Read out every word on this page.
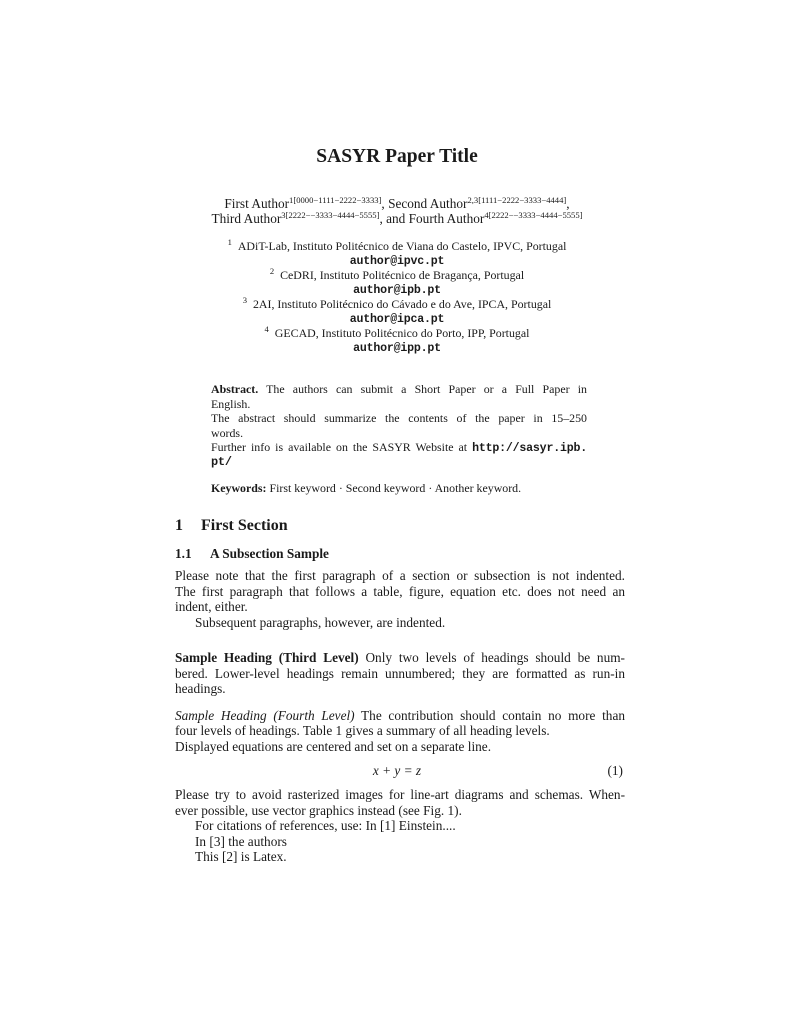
SASYR Paper Title
First Author$^{1[0000-1111-2222-3333]}$, Second Author$^{2,3[1111-2222-3333-4444]}$,
Third Author$^{3[2222--3333-4444-5555]}$, and Fourth Author$^{4[2222--3333-4444-5555]}$
$^1$ ADiT-Lab, Instituto Politécnico de Viana do Castelo, IPVC, Portugal
author@ipvc.pt
$^2$ CeDRI, Instituto Politécnico de Bragança, Portugal
author@ipb.pt
$^3$ 2AI, Instituto Politécnico do Cávado e do Ave, IPCA, Portugal
author@ipca.pt
$^4$ GECAD, Instituto Politécnico do Porto, IPP, Portugal
author@ipp.pt
Abstract. The authors can submit a Short Paper or a Full Paper in
English.
The abstract should summarize the contents of the paper in 15–250
words.
Further info is available on the SASYR Website at http://sasyr.ipb.
pt/
Keywords: First keyword · Second keyword · Another keyword.
1 First Section
1.1 A Subsection Sample
Please note that the first paragraph of a section or subsection is not indented.
The first paragraph that follows a table, figure, equation etc. does not need an
indent, either.
Subsequent paragraphs, however, are indented.
Sample Heading (Third Level) Only two levels of headings should be num-
bered. Lower-level headings remain unnumbered; they are formatted as run-in
headings.
Sample Heading (Fourth Level) The contribution should contain no more than
four levels of headings. Table 1 gives a summary of all heading levels.
Displayed equations are centered and set on a separate line.
x + y = z	(1)
Please try to avoid rasterized images for line-art diagrams and schemas. When-
ever possible, use vector graphics instead (see Fig. 1).
For citations of references, use: In [1] Einstein....
In [3] the authors
This [2] is Latex.
